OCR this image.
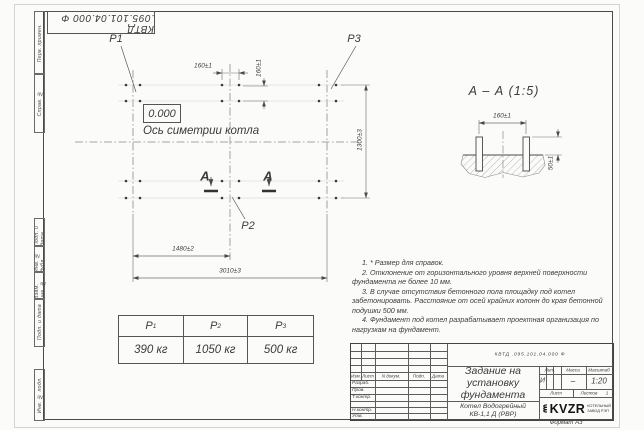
Перв. примен.
Справ. №
Подп. и дата
Инв. № дубл.
Взам. инв. №
Подп. и дата
Инв. № подл.
КВТД .095.101.04.000 Ф
P1	P3
P2
0.000
Ось симетрии котла
А	А
160±1	160±1
1300±3
1480±2
3010±3
А – А (1:5)
160±1
50±1
P 1	P 2	P 3
390 кг	1050 кг	500 кг

1. * Размер для справок.

2. Отклонение от горизонтального уровня верхней поверхности фундамента не более 10 мм.

3. В случае отсутствия бетонного пола площадку под котел забетонировать. Расстояние от осей крайних колонн до края бетонной подушки 500 мм.

4. Фундамент под котел разрабатывает проектная организация по нагрузкам на фундамент.

Изм. Лист N докум.	Подп. Дата
Разраб.
Пров.
Т.контр.
Н.контр.
Утв.
КВТД .095.101.04.000 Ф
Задание на
установку
фундамента
Лит. Масса Масштаб
И	– 1:20
Лист	Листов 1
Котел Водогрейный
КВ-1,1 Д (РВР)	KVZR КОТЕЛЬНЫЙ
ЗАВОД РЭП
Формат А3
